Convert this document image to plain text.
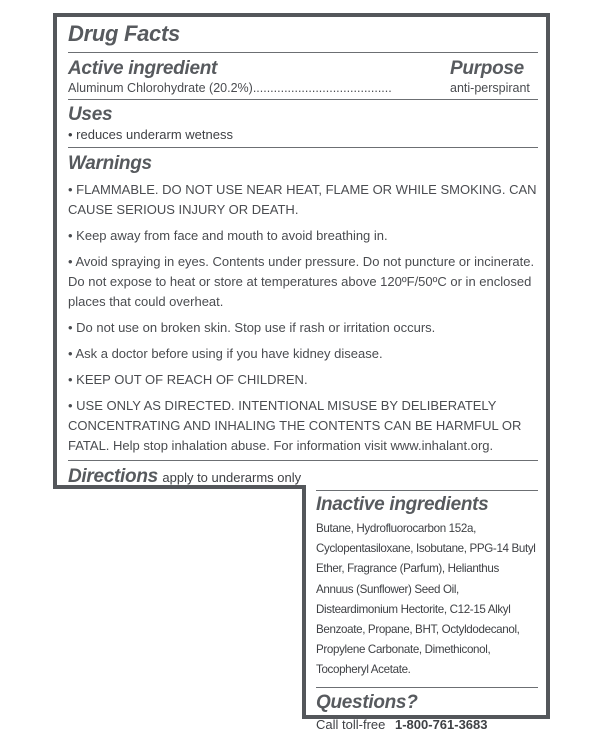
Drug Facts
Active ingredient	Purpose
Aluminum Chlorohydrate (20.2%) ........................................	anti-perspirant
Uses
• reduces underarm wetness
Warnings

• FLAMMABLE. DO NOT USE NEAR HEAT, FLAME OR WHILE SMOKING. CAN CAUSE SERIOUS INJURY OR DEATH.

• Keep away from face and mouth to avoid breathing in.

• Avoid spraying in eyes. Contents under pressure. Do not puncture or incinerate. Do not expose to heat or store at temperatures above 120ºF/50ºC or in enclosed places that could overheat.

• Do not use on broken skin. Stop use if rash or irritation occurs.

• Ask a doctor before using if you have kidney disease.

• KEEP OUT OF REACH OF CHILDREN.

• USE ONLY AS DIRECTED. INTENTIONAL MISUSE BY DELIBERATELY CONCENTRATING AND INHALING THE CONTENTS CAN BE HARMFUL OR FATAL. Help stop inhalation abuse. For information visit www.inhalant.org.

Directions apply to underarms only
Inactive ingredients

Butane, Hydrofluorocarbon 152a, Cyclopentasiloxane, Isobutane, PPG-14 Butyl Ether, Fragrance (Parfum), Helianthus Annuus (Sunflower) Seed Oil, Disteardimonium Hectorite, C12-15 Alkyl Benzoate, Propane, BHT, Octyldodecanol, Propylene Carbonate, Dimethiconol, Tocopheryl Acetate.

Questions?
Call toll-free 1-800-761-3683
